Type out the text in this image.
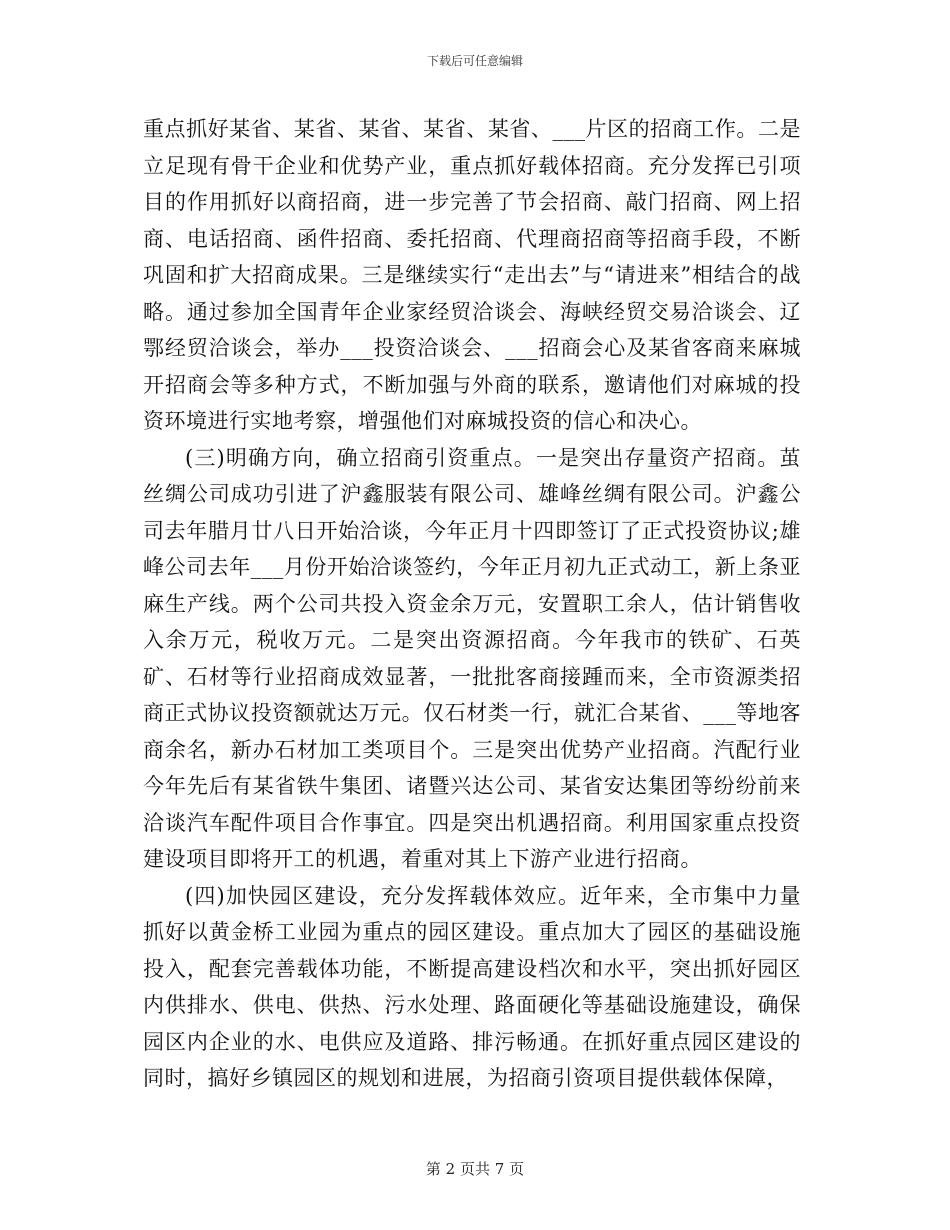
下载后可任意编辑

重点抓好某省、某省、某省、某省、某省、___片区的招商工作。二是立足现有骨干企业和优势产业，重点抓好载体招商。充分发挥已引项目的作用抓好以商招商，进一步完善了节会招商、敲门招商、网上招商、电话招商、函件招商、委托招商、代理商招商等招商手段，不断巩固和扩大招商成果。三是继续实行“走出去”与“请进来”相结合的战略。通过参加全国青年企业家经贸洽谈会、海峡经贸交易洽谈会、辽鄂经贸洽谈会，举办___投资洽谈会、___招商会心及某省客商来麻城开招商会等多种方式，不断加强与外商的联系，邀请他们对麻城的投资环境进行实地考察，增强他们对麻城投资的信心和决心。

(三)明确方向，确立招商引资重点。一是突出存量资产招商。茧丝绸公司成功引进了沪鑫服装有限公司、雄峰丝绸有限公司。沪鑫公司去年腊月廿八日开始洽谈，今年正月十四即签订了正式投资协议;雄峰公司去年___月份开始洽谈签约，今年正月初九正式动工，新上条亚麻生产线。两个公司共投入资金余万元，安置职工余人，估计销售收入余万元，税收万元。二是突出资源招商。今年我市的铁矿、石英矿、石材等行业招商成效显著，一批批客商接踵而来，全市资源类招商正式协议投资额就达万元。仅石材类一行，就汇合某省、___等地客商余名，新办石材加工类项目个。三是突出优势产业招商。汽配行业今年先后有某省铁牛集团、诸暨兴达公司、某省安达集团等纷纷前来洽谈汽车配件项目合作事宜。四是突出机遇招商。利用国家重点投资建设项目即将开工的机遇，着重对其上下游产业进行招商。

(四)加快园区建设，充分发挥载体效应。近年来，全市集中力量抓好以黄金桥工业园为重点的园区建设。重点加大了园区的基础设施投入，配套完善载体功能，不断提高建设档次和水平，突出抓好园区内供排水、供电、供热、污水处理、路面硬化等基础设施建设，确保园区内企业的水、电供应及道路、排污畅通。在抓好重点园区建设的同时，搞好乡镇园区的规划和进展，为招商引资项目提供载体保障，

第 2 页共 7 页
